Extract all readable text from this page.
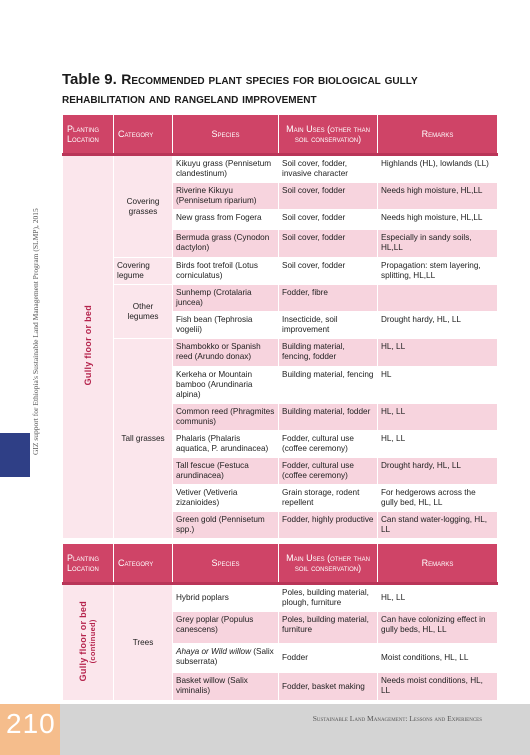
GIZ support for Ethiopia's Sustainable Land Management Program (SLMP), 2015
Table 9. Recommended plant species for biological gully rehabilitation and rangeland improvement
Planting Location	Category	Species	Main Uses (other than soil conservation)	Remarks
Gully floor or bed	Covering grasses	Kikuyu grass (Pennisetum clandestinum)	Soil cover, fodder, invasive character	Highlands (HL), lowlands (LL)
		Riverine Kikuyu (Pennisetum riparium)	Soil cover, fodder	Needs high moisture, HL,LL
		New grass from Fogera	Soil cover, fodder	Needs high moisture, HL,LL
		Bermuda grass (Cynodon dactylon)	Soil cover, fodder	Especially in sandy soils, HL,LL
	Covering legume	Birds foot trefoil (Lotus corniculatus)	Soil cover, fodder	Propagation: stem layering, splitting, HL,LL
	Other legumes	Sunhemp (Crotalaria juncea)	Fodder, fibre	
		Fish bean (Tephrosia vogelii)	Insecticide, soil improvement	Drought hardy, HL, LL
	Tall grasses	Shambokko or Spanish reed (Arundo donax)	Building material, fencing, fodder	HL, LL
		Kerkeha or Mountain bamboo (Arundinaria alpina)	Building material, fencing	HL
		Common reed (Phragmites communis)	Building material, fodder	HL, LL
		Phalaris (Phalaris aquatica, P. arundinacea)	Fodder, cultural use (coffee ceremony)	HL, LL
		Tall fescue (Festuca arundinacea)	Fodder, cultural use (coffee ceremony)	Drought hardy, HL, LL
		Vetiver (Vetiveria zizanioides)	Grain storage, rodent repellent	For hedgerows across the gully bed, HL, LL
		Green gold (Pennisetum spp.)	Fodder, highly productive	Can stand water-logging, HL, LL
Planting Location	Category	Species	Main Uses (other than soil conservation)	Remarks
Gully floor or bed
(continued)	Trees	Hybrid poplars	Poles, building material, plough, furniture	HL, LL
		Grey poplar (Populus canescens)	Poles, building material, furniture	Can have colonizing effect in gully beds, HL, LL
		Ahaya or Wild willow (Salix subserrata)	Fodder	Moist conditions, HL, LL
		Basket willow (Salix viminalis)	Fodder, basket making	Needs moist conditions, HL, LL
210	Sustainable Land Management: Lessons and Experiences
